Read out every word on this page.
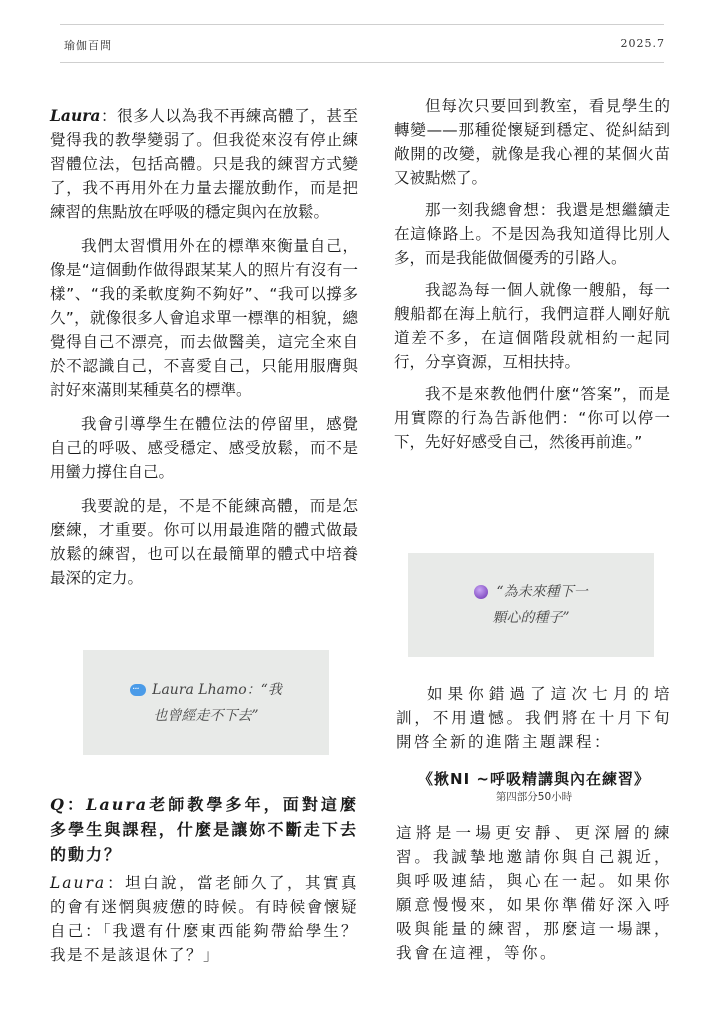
瑜伽百問	2025.7

Laura：很多人以為我不再練高體了，甚至覺得我的教學變弱了。但我從來沒有停止練習體位法，包括高體。只是我的練習方式變了，我不再用外在力量去擺放動作，而是把練習的焦點放在呼吸的穩定與內在放鬆。

我們太習慣用外在的標準來衡量自己，像是“這個動作做得跟某某人的照片有沒有一樣”、“我的柔軟度夠不夠好”、“我可以撐多久”，就像很多人會追求單一標準的相貌，總覺得自己不漂亮，而去做醫美，這完全來自於不認識自己，不喜愛自己，只能用服膺與討好來滿則某種莫名的標準。

我會引導學生在體位法的停留里，感覺自己的呼吸、感受穩定、感受放鬆，而不是用蠻力撐住自己。

我要說的是，不是不能練高體，而是怎麼練，才重要。你可以用最進階的體式做最放鬆的練習，也可以在最簡單的體式中培養最深的定力。

···Laura Lhamo：“我
也曾經走不下去”

Q：Laura老師教學多年，面對這麼多學生與課程，什麼是讓妳不斷走下去的動力？

Laura：坦白說，當老師久了，其實真的會有迷惘與疲憊的時候。有時候會懷疑自己：「我還有什麼東西能夠帶給學生？我是不是該退休了？」

但每次只要回到教室，看見學生的轉變——那種從懷疑到穩定、從糾結到敞開的改變，就像是我心裡的某個火苗又被點燃了。

那一刻我總會想：我還是想繼續走在這條路上。不是因為我知道得比別人多，而是我能做個優秀的引路人。

我認為每一個人就像一艘船，每一艘船都在海上航行，我們這群人剛好航道差不多，在這個階段就相約一起同行，分享資源，互相扶持。

我不是來教他們什麼“答案”，而是用實際的行為告訴他們：“你可以停一下，先好好感受自己，然後再前進。”

“為未來種下一
顆心的種子”

如果你錯過了這次七月的培訓，不用遺憾。我們將在十月下旬開啓全新的進階主題課程：

《揪NI ~呼吸精講與內在練習》
第四部分50小時

這將是一場更安靜、更深層的練習。我誠摯地邀請你與自己親近，與呼吸連結，與心在一起。如果你願意慢慢來，如果你準備好深入呼吸與能量的練習，那麼這一場課，我會在這裡，等你。
